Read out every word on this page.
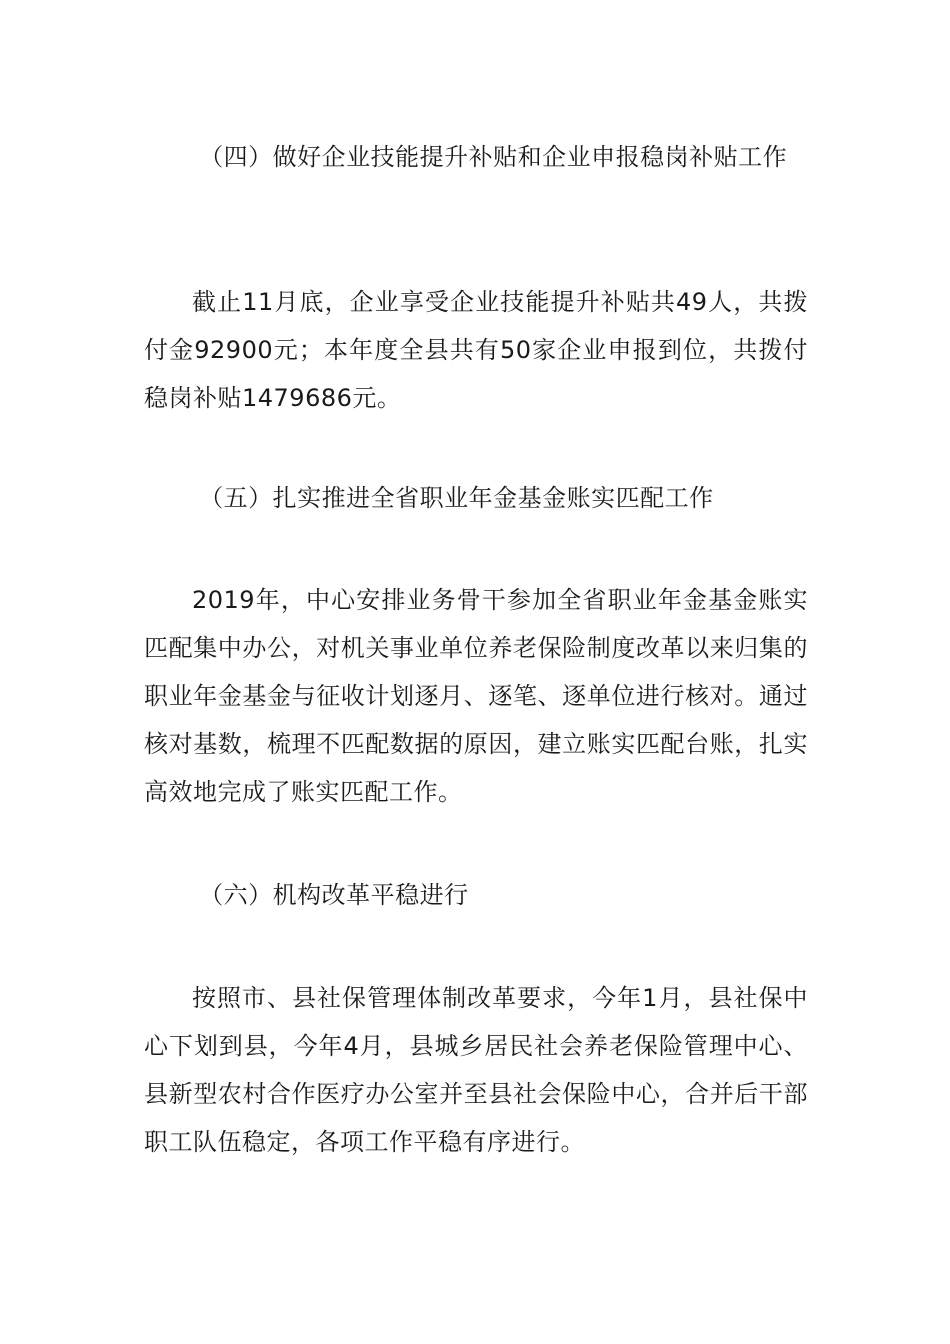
（四）做好企业技能提升补贴和企业申报稳岗补贴工作

截止11月底，企业享受企业技能提升补贴共49人，共拨付金92900元；本年度全县共有50家企业申报到位，共拨付稳岗补贴1479686元。

（五）扎实推进全省职业年金基金账实匹配工作

2019年，中心安排业务骨干参加全省职业年金基金账实匹配集中办公，对机关事业单位养老保险制度改革以来归集的职业年金基金与征收计划逐月、逐笔、逐单位进行核对。通过核对基数，梳理不匹配数据的原因，建立账实匹配台账，扎实高效地完成了账实匹配工作。

（六）机构改革平稳进行

按照市、县社保管理体制改革要求，今年1月，县社保中心下划到县，今年4月，县城乡居民社会养老保险管理中心、县新型农村合作医疗办公室并至县社会保险中心，合并后干部职工队伍稳定，各项工作平稳有序进行。
